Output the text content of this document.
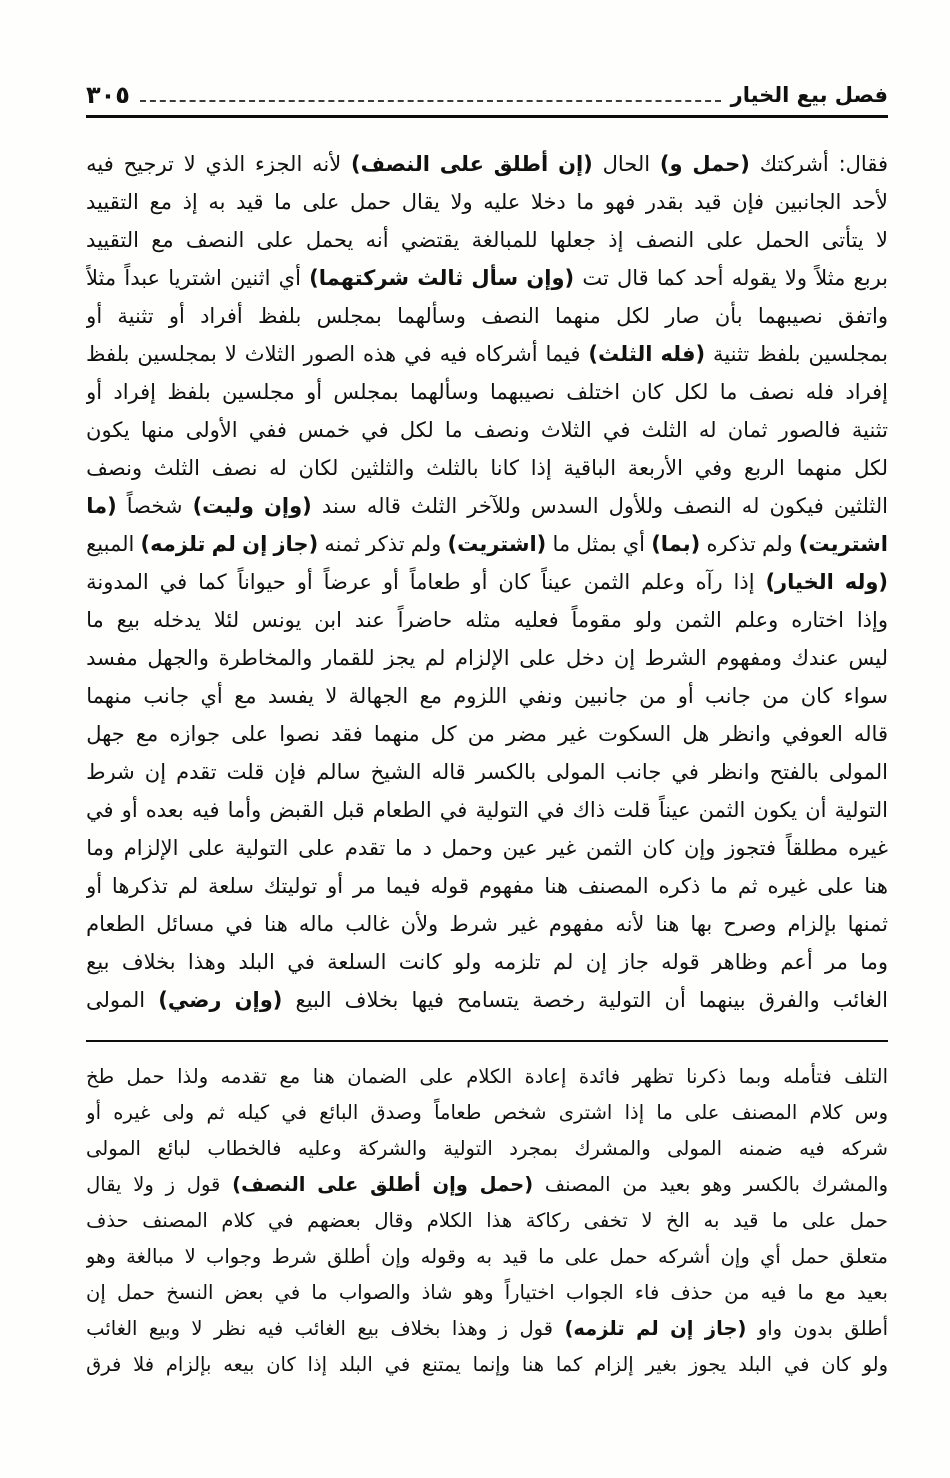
فصل بيع الخيار
٣٠٥
فقال:
أشركتك
(حمل
و)
الحال
(إن
أطلق
على
النصف)
لأنه
الجزء
الذي
لا
ترجيح
فيه
لأحد
الجانبين
فإن
قيد
بقدر
فهو
ما
دخلا
عليه
ولا
يقال
حمل
على
ما
قيد
به
إذ
مع
التقييد
لا
يتأتى
الحمل
على
النصف
إذ
جعلها
للمبالغة
يقتضي
أنه
يحمل
على
النصف
مع
التقييد
بربع
مثلاً
ولا
يقوله
أحد
كما
قال
تت
(وإن
سأل
ثالث
شركتهما)
أي
اثنين
اشتريا
عبداً
مثلاً
واتفق
نصيبهما
بأن
صار
لكل
منهما
النصف
وسألهما
بمجلس
بلفظ
أفراد
أو
تثنية
أو
بمجلسين
بلفظ
تثنية
(فله
الثلث)
فيما
أشركاه
فيه
في
هذه
الصور
الثلاث
لا
بمجلسين
بلفظ
إفراد
فله
نصف
ما
لكل
كان
اختلف
نصيبهما
وسألهما
بمجلس
أو
مجلسين
بلفظ
إفراد
أو
تثنية
فالصور
ثمان
له
الثلث
في
الثلاث
ونصف
ما
لكل
في
خمس
ففي
الأولى
منها
يكون
لكل
منهما
الربع
وفي
الأربعة
الباقية
إذا
كانا
بالثلث
والثلثين
لكان
له
نصف
الثلث
ونصف
الثلثين
فيكون
له
النصف
وللأول
السدس
وللآخر
الثلث
قاله
سند
(وإن
وليت)
شخصاً
(ما
اشتريت)
ولم
تذكره
(بما)
أي
بمثل
ما
(اشتريت)
ولم
تذكر
ثمنه
(جاز
إن
لم
تلزمه)
المبيع
(وله
الخيار)
إذا
رآه
وعلم
الثمن
عيناً
كان
أو
طعاماً
أو
عرضاً
أو
حيواناً
كما
في
المدونة
وإذا
اختاره
وعلم
الثمن
ولو
مقوماً
فعليه
مثله
حاضراً
عند
ابن
يونس
لئلا
يدخله
بيع
ما
ليس
عندك
ومفهوم
الشرط
إن
دخل
على
الإلزام
لم
يجز
للقمار
والمخاطرة
والجهل
مفسد
سواء
كان
من
جانب
أو
من
جانبين
ونفي
اللزوم
مع
الجهالة
لا
يفسد
مع
أي
جانب
منهما
قاله
العوفي
وانظر
هل
السكوت
غير
مضر
من
كل
منهما
فقد
نصوا
على
جوازه
مع
جهل
المولى
بالفتح
وانظر
في
جانب
المولى
بالكسر
قاله
الشيخ
سالم
فإن
قلت
تقدم
إن
شرط
التولية
أن
يكون
الثمن
عيناً
قلت
ذاك
في
التولية
في
الطعام
قبل
القبض
وأما
فيه
بعده
أو
في
غيره
مطلقاً
فتجوز
وإن
كان
الثمن
غير
عين
وحمل
د
ما
تقدم
على
التولية
على
الإلزام
وما
هنا
على
غيره
ثم
ما
ذكره
المصنف
هنا
مفهوم
قوله
فيما
مر
أو
توليتك
سلعة
لم
تذكرها
أو
ثمنها
بإلزام
وصرح
بها
هنا
لأنه
مفهوم
غير
شرط
ولأن
غالب
ماله
هنا
في
مسائل
الطعام
وما
مر
أعم
وظاهر
قوله
جاز
إن
لم
تلزمه
ولو
كانت
السلعة
في
البلد
وهذا
بخلاف
بيع
الغائب
والفرق
بينهما
أن
التولية
رخصة
يتسامح
فيها
بخلاف
البيع
(وإن
رضي)
المولى
التلف
فتأمله
وبما
ذكرنا
تظهر
فائدة
إعادة
الكلام
على
الضمان
هنا
مع
تقدمه
ولذا
حمل
طخ
وس
كلام
المصنف
على
ما
إذا
اشترى
شخص
طعاماً
وصدق
البائع
في
كيله
ثم
ولى
غيره
أو
شركه
فيه
ضمنه
المولى
والمشرك
بمجرد
التولية
والشركة
وعليه
فالخطاب
لبائع
المولى
والمشرك
بالكسر
وهو
بعيد
من
المصنف
(حمل
وإن
أطلق
على
النصف)
قول
ز
ولا
يقال
حمل
على
ما
قيد
به
الخ
لا
تخفى
ركاكة
هذا
الكلام
وقال
بعضهم
في
كلام
المصنف
حذف
متعلق
حمل
أي
وإن
أشركه
حمل
على
ما
قيد
به
وقوله
وإن
أطلق
شرط
وجواب
لا
مبالغة
وهو
بعيد
مع
ما
فيه
من
حذف
فاء
الجواب
اختياراً
وهو
شاذ
والصواب
ما
في
بعض
النسخ
حمل
إن
أطلق
بدون
واو
(جاز
إن
لم
تلزمه)
قول
ز
وهذا
بخلاف
بيع
الغائب
فيه
نظر
لا
وبيع
الغائب
ولو
كان
في
البلد
يجوز
بغير
إلزام
كما
هنا
وإنما
يمتنع
في
البلد
إذا
كان
بيعه
بإلزام
فلا
فرق
